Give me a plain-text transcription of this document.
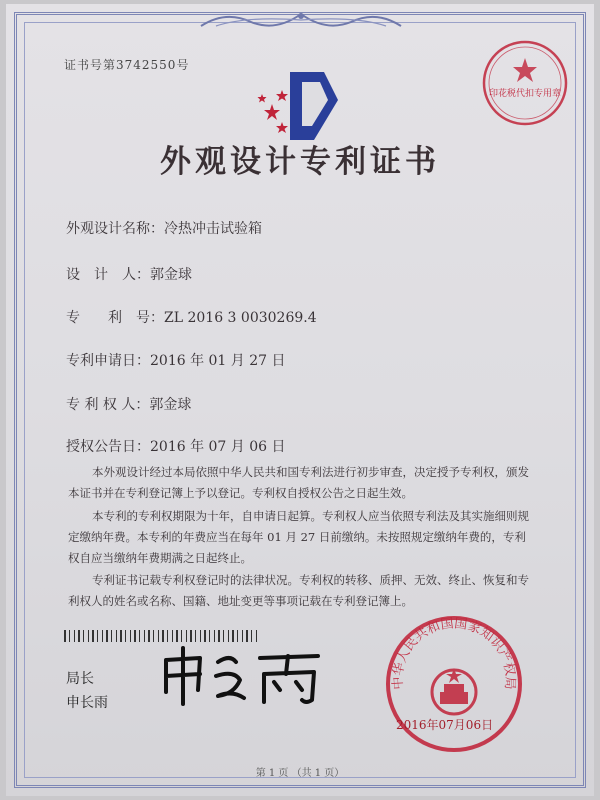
证书号第3742550号
外观设计专利证书
外观设计名称：冷热冲击试验箱
设　计　人：郭金球
专　　利　号：ZL 2016 3 0030269.4
专利申请日：2016 年 01 月 27 日
专 利 权 人：郭金球
授权公告日：2016 年 07 月 06 日
本外观设计经过本局依照中华人民共和国专利法进行初步审查，决定授予专利权，颁发本证书并在专利登记簿上予以登记。专利权自授权公告之日起生效。
本专利的专利权期限为十年，自申请日起算。专利权人应当依照专利法及其实施细则规定缴纳年费。本专利的年费应当在每年 01 月 27 日前缴纳。未按照规定缴纳年费的，专利权自应当缴纳年费期满之日起终止。
专利证书记载专利权登记时的法律状况。专利权的转移、质押、无效、终止、恢复和专利权人的姓名或名称、国籍、地址变更等事项记载在专利登记簿上。
局长
申长雨
印花税代扣专用章
中华人民共和国国家知识产权局
2016年07月06日
第 1 页 （共 1 页）
